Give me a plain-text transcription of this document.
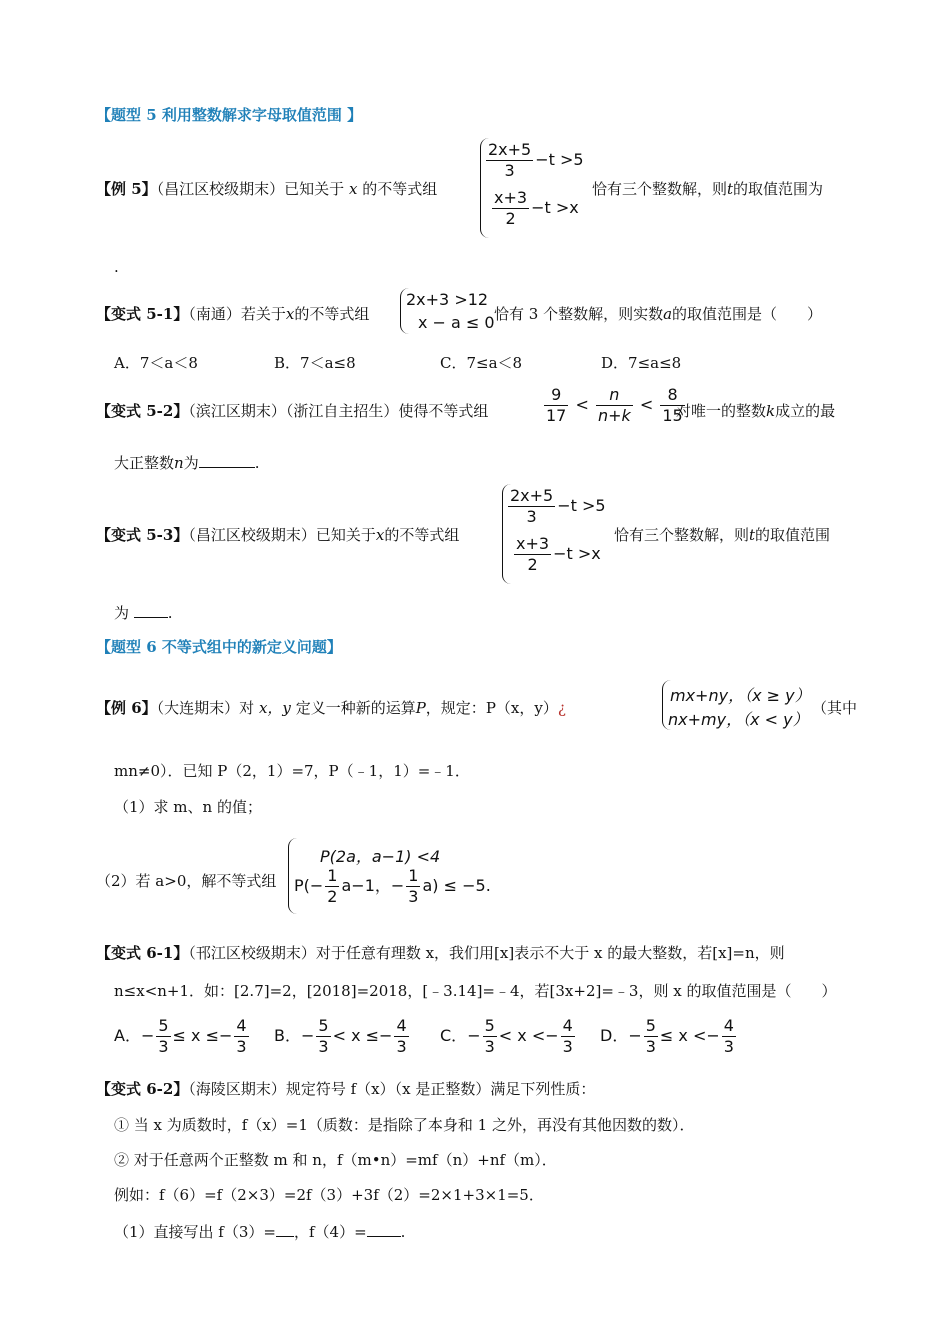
【题型 5 利用整数解求字母取值范围 】
【例 5】（昌江区校级期末）已知关于 x 的不等式组
$\frac{2x+5}{3} -t >5$
$\frac{x+3}{2} -t >x$
恰有三个整数解，则t的取值范围为
.
【变式 5-1】（南通）若关于x的不等式组
2x+3 >12
x − a ≤ 0 恰有 3 个整数解，则实数a的取值范围是（　　）
A．7＜a＜8	B．7＜a≤8	C．7≤a＜8	D．7≤a≤8
【变式 5-2】（滨江区期末）（浙江自主招生）使得不等式组	$\frac{9}{17} < \frac{n}{n+k} < \frac{8}{15}$
对唯一的整数k成立的最
大正整数n为	.
【变式 5-3】（昌江区校级期末）已知关于x的不等式组
$\frac{2x+5}{3} -t >5$
$\frac{x+3}{2} -t >x$
恰有三个整数解，则t的取值范围
为	.
【题型 6 不等式组中的新定义问题】
【例 6】（大连期末）对 x，y 定义一种新的运算P，规定：P（x，y）¿
mx+ny，（x ≥ y）
nx+my，（x < y）
（其中
mn≠0）．已知 P（2，1）=7，P（﹣1，1）=﹣1．
（1）求 m、n 的值；
（2）若 a>0，解不等式组
P(2a，a−1) <4
$P(- \frac{1}{2} a-1$，− $\frac{1}{3} a) \le -5$.
【变式 6-1】（邗江区校级期末）对于任意有理数 x，我们用[x]表示不大于 x 的最大整数，若[x]=n，则
n≤x<n+1．如：[2.7]=2，[2018]=2018，[﹣3.14]=﹣4，若[3x+2]=﹣3，则 x 的取值范围是（　　）
A．− $\frac{5}{3} \le x \le- \frac{4}{3}$ B．− $\frac{5}{3} < x \le- \frac{4}{3}$ C．− $\frac{5}{3} < x <- \frac{4}{3}$ D．− $\frac{5}{3} \le x <- \frac{4}{3}$
【变式 6-2】（海陵区期末）规定符号 f（x）（x 是正整数）满足下列性质：
① 当 x 为质数时，f（x）=1（质数：是指除了本身和 1 之外，再没有其他因数的数）．
② 对于任意两个正整数 m 和 n，f（m•n）=mf（n）+nf（m）．
例如：f（6）=f（2×3）=2f（3）+3f（2）=2×1+3×1=5．
（1）直接写出 f（3）= ，f（4）= .
